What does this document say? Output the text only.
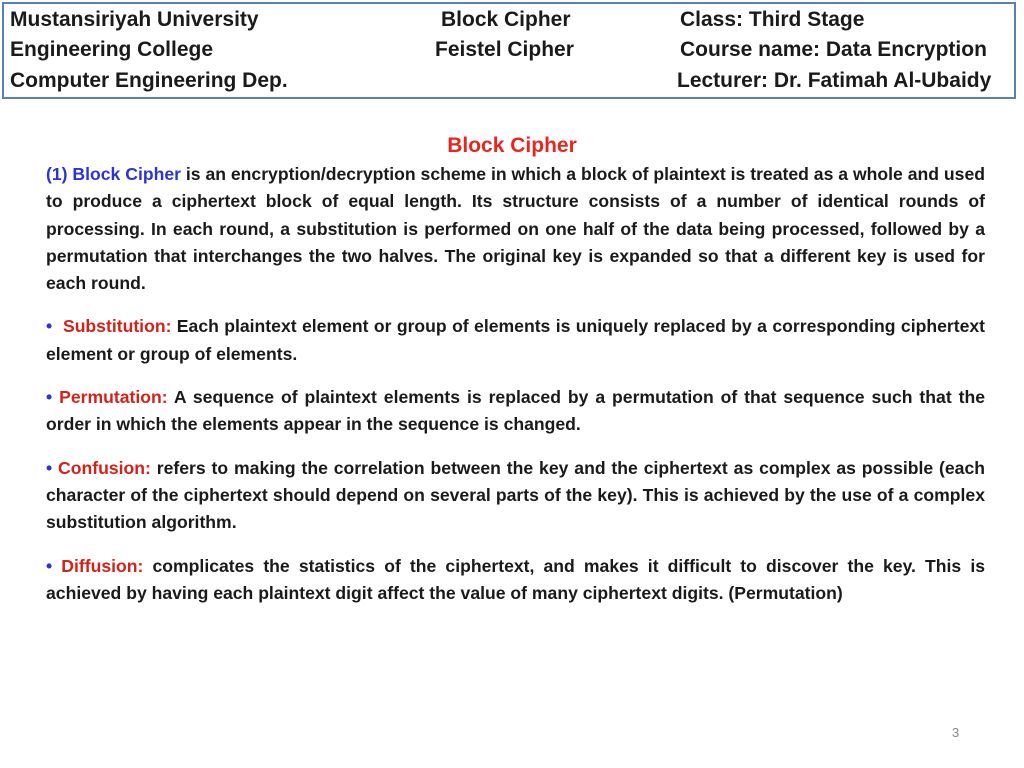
Mustansiriyah University
Engineering College
Computer Engineering Dep.
Block Cipher
Feistel Cipher
Class: Third Stage
Course name: Data Encryption
Lecturer: Dr. Fatimah Al-Ubaidy
Block Cipher

(1) Block Cipher is an encryption/decryption scheme in which a block of plaintext is treated as a whole and used to produce a ciphertext block of equal length. Its structure consists of a number of identical rounds of processing. In each round, a substitution is performed on one half of the data being processed, followed by a permutation that interchanges the two halves. The original key is expanded so that a different key is used for each round.

• Substitution: Each plaintext element or group of elements is uniquely replaced by a corresponding ciphertext element or group of elements.

• Permutation: A sequence of plaintext elements is replaced by a permutation of that sequence such that the order in which the elements appear in the sequence is changed.

• Confusion: refers to making the correlation between the key and the ciphertext as complex as possible (each character of the ciphertext should depend on several parts of the key). This is achieved by the use of a complex substitution algorithm.

• Diffusion: complicates the statistics of the ciphertext, and makes it difficult to discover the key. This is achieved by having each plaintext digit affect the value of many ciphertext digits. (Permutation)

3
